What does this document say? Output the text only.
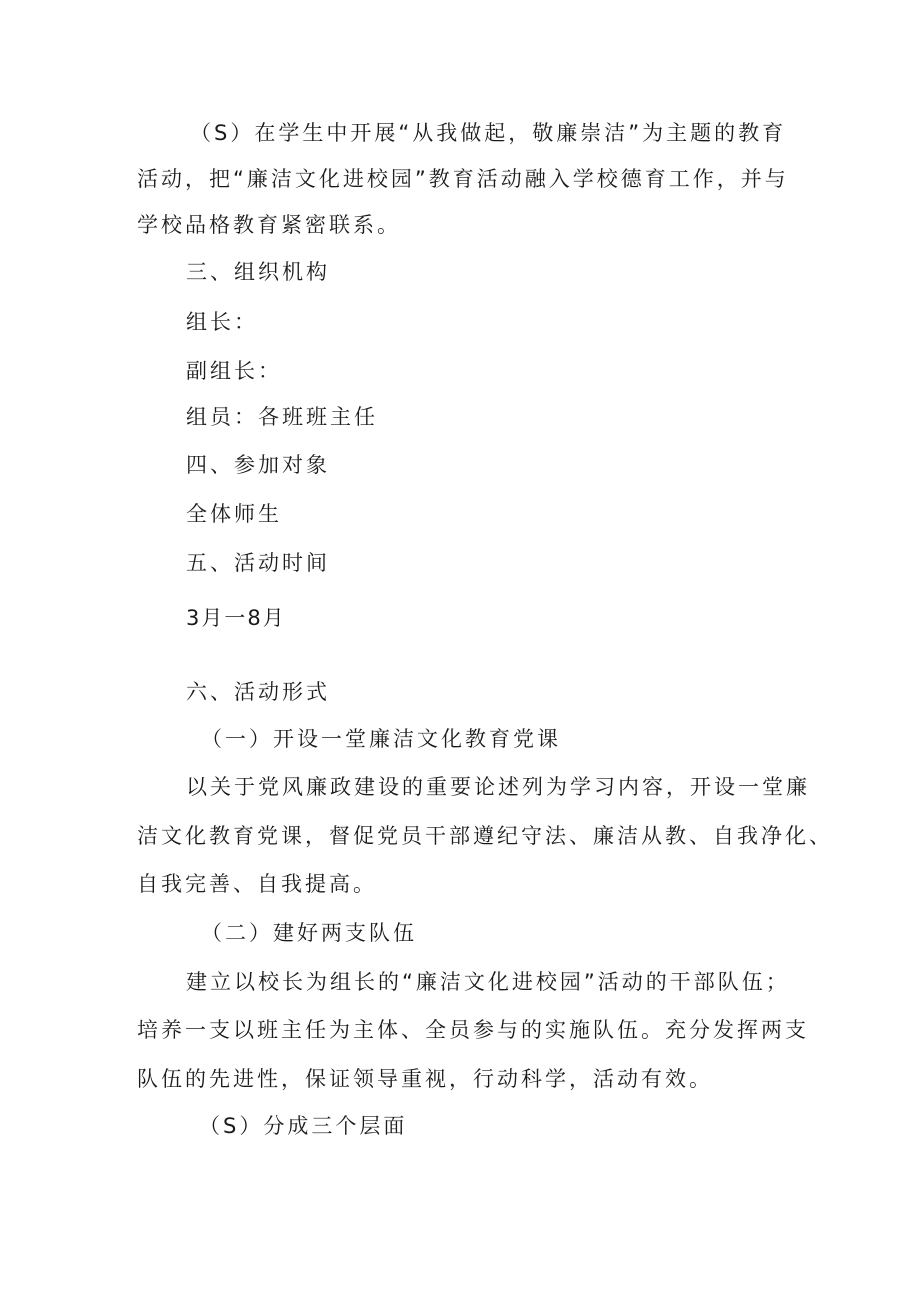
（S）在学生中开展“从我做起，敬廉崇洁”为主题的教育
活动，把“廉洁文化进校园”教育活动融入学校德育工作，并与
学校品格教育紧密联系。
三、组织机构
组长：
副组长：
组员：各班班主任
四、参加对象
全体师生
五、活动时间
3月一8月
六、活动形式
（一）开设一堂廉洁文化教育党课
以关于党风廉政建设的重要论述列为学习内容，开设一堂廉
洁文化教育党课，督促党员干部遵纪守法、廉洁从教、自我净化、
自我完善、自我提高。
（二）建好两支队伍
建立以校长为组长的“廉洁文化进校园”活动的干部队伍；
培养一支以班主任为主体、全员参与的实施队伍。充分发挥两支
队伍的先进性，保证领导重视，行动科学，活动有效。
（S）分成三个层面
